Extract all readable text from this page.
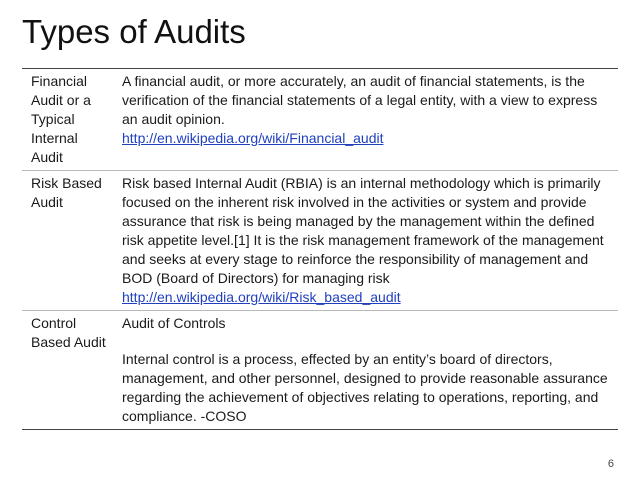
Types of Audits
Financial Audit or a Typical Internal Audit	A financial audit, or more accurately, an audit of financial statements, is the verification of the financial statements of a legal entity, with a view to express an audit opinion.
http://en.wikipedia.org/wiki/Financial_audit

Risk Based Audit	Risk based Internal Audit (RBIA) is an internal methodology which is primarily focused on the inherent risk involved in the activities or system and provide assurance that risk is being managed by the management within the defined risk appetite level.[1] It is the risk management framework of the management and seeks at every stage to reinforce the responsibility of management and BOD (Board of Directors) for managing risk
http://en.wikipedia.org/wiki/Risk_based_audit

Control Based Audit	Audit of Controls
Internal control is a process, effected by an entity’s board of directors, management, and other personnel, designed to provide reasonable assurance regarding the achievement of objectives relating to operations, reporting, and compliance. -COSO
6
